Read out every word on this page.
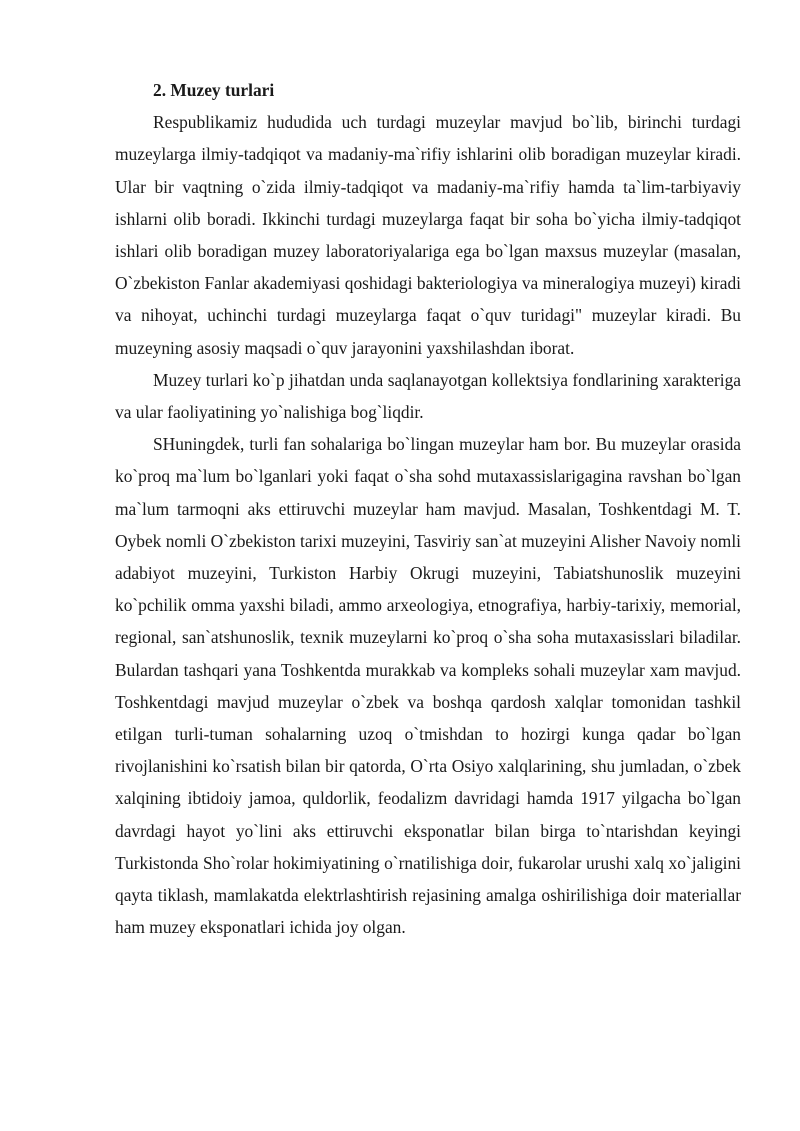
2. Muzey turlari

Respublikamiz hududida uch turdagi muzeylar mavjud bo`lib, birinchi turdagi muzeylarga ilmiy-tadqiqot va madaniy-ma`rifiy ishlarini olib boradigan muzeylar kiradi. Ular bir vaqtning o`zida ilmiy-tadqiqot va madaniy-ma`rifiy hamda ta`lim-tarbiyaviy ishlarni olib boradi. Ikkinchi turdagi muzeylarga faqat bir soha bo`yicha ilmiy-tadqiqot ishlari olib boradigan muzey laboratoriyalariga ega bo`lgan maxsus muzeylar (masalan, O`zbekiston Fanlar akademiyasi qoshidagi bakteriologiya va mineralogiya muzeyi) kiradi va nihoyat, uchinchi turdagi muzeylarga faqat o`quv turidagi" muzeylar kiradi. Bu muzeyning asosiy maqsadi o`quv jarayonini yaxshilashdan iborat.

Muzey turlari ko`p jihatdan unda saqlanayotgan kollektsiya fondlarining xarakteriga va ular faoliyatining yo`nalishiga bog`liqdir.

SHuningdek, turli fan sohalariga bo`lingan muzeylar ham bor. Bu muzeylar orasida ko`proq ma`lum bo`lganlari yoki faqat o`sha sohd mutaxassislarigagina ravshan bo`lgan ma`lum tarmoqni aks ettiruvchi muzeylar ham mavjud. Masalan, Toshkentdagi M. T. Oybek nomli O`zbekiston tarixi muzeyini, Tasviriy san`at muzeyini Alisher Navoiy nomli adabiyot muzeyini, Turkiston Harbiy Okrugi muzeyini, Tabiatshunoslik muzeyini ko`pchilik omma yaxshi biladi, ammo arxeologiya, etnografiya, harbiy-tarixiy, memorial, regional, san`atshunoslik, texnik muzeylarni ko`proq o`sha soha mutaxasisslari biladilar. Bulardan tashqari yana Toshkentda murakkab va kompleks sohali muzeylar xam mavjud. Toshkentdagi mavjud muzeylar o`zbek va boshqa qardosh xalqlar tomonidan tashkil etilgan turli-tuman sohalarning uzoq o`tmishdan to hozirgi kunga qadar bo`lgan rivojlanishini ko`rsatish bilan bir qatorda, O`rta Osiyo xalqlarining, shu jumladan, o`zbek xalqining ibtidoiy jamoa, quldorlik, feodalizm davridagi hamda 1917 yilgacha bo`lgan davrdagi hayot yo`lini aks ettiruvchi eksponatlar bilan birga to`ntarishdan keyingi Turkistonda Sho`rolar hokimiyatining o`rnatilishiga doir, fukarolar urushi xalq xo`jaligini qayta tiklash, mamlakatda elektrlashtirish rejasining amalga oshirilishiga doir materiallar ham muzey eksponatlari ichida joy olgan.
